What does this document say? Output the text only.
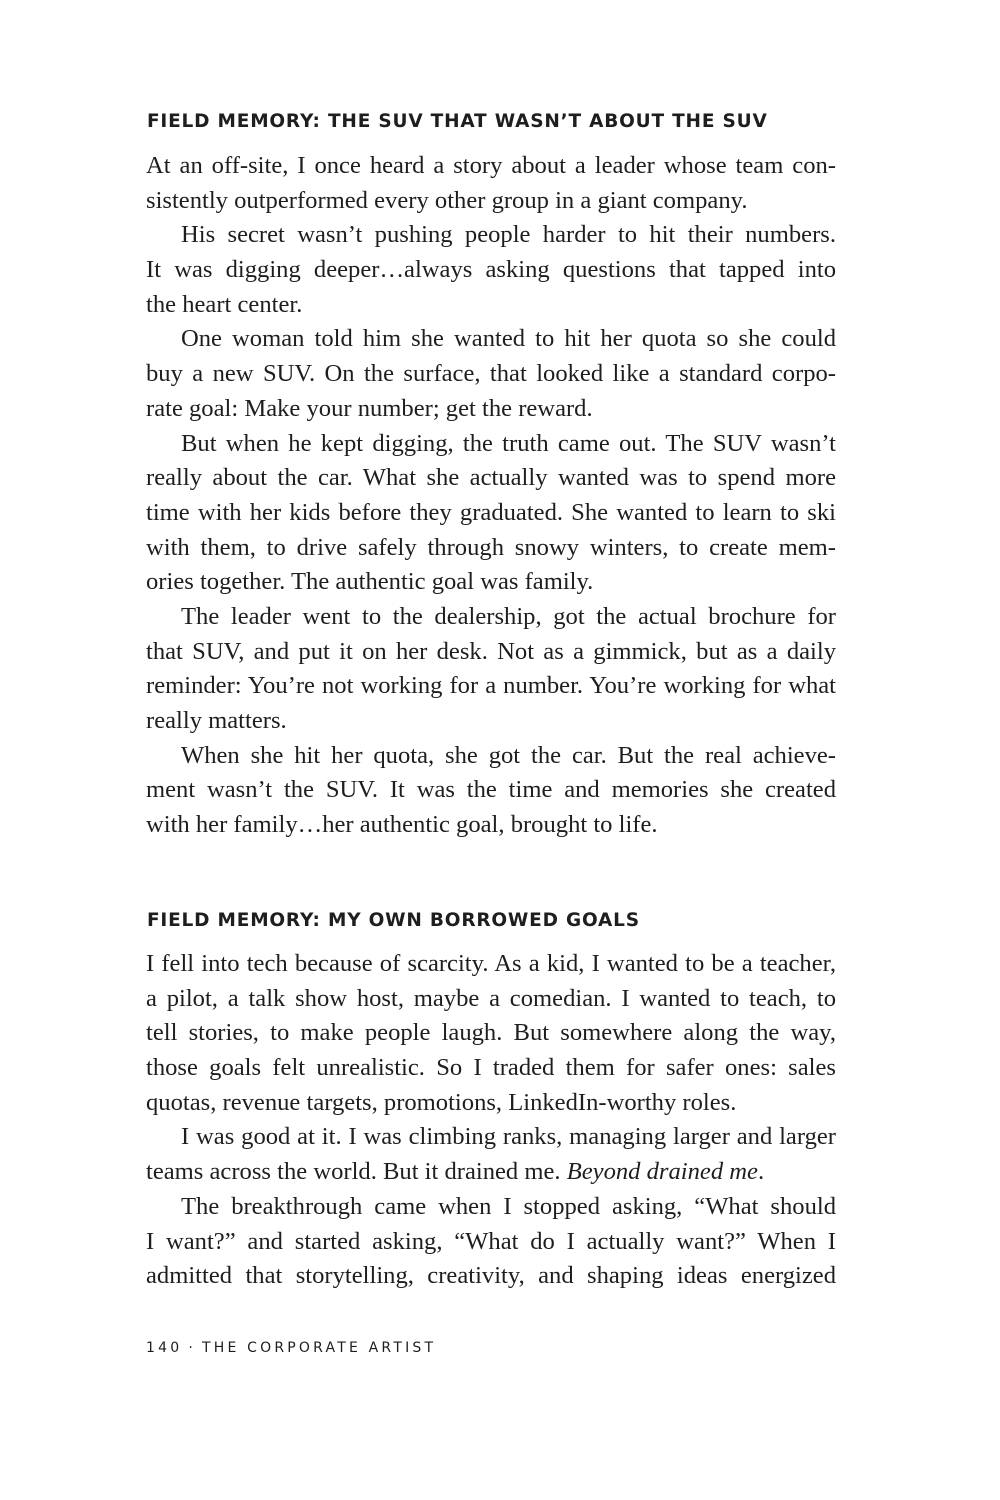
FIELD MEMORY: THE SUV THAT WASN’T ABOUT THE SUV
At an off-site, I once heard a story about a leader whose team con-
sistently outperformed every other group in a giant company.
His secret wasn’t pushing people harder to hit their numbers.
It was digging deeper…always asking questions that tapped into
the heart center.
One woman told him she wanted to hit her quota so she could
buy a new SUV. On the surface, that looked like a standard corpo-
rate goal: Make your number; get the reward.
But when he kept digging, the truth came out. The SUV wasn’t
really about the car. What she actually wanted was to spend more
time with her kids before they graduated. She wanted to learn to ski
with them, to drive safely through snowy winters, to create mem-
ories together. The authentic goal was family.
The leader went to the dealership, got the actual brochure for
that SUV, and put it on her desk. Not as a gimmick, but as a daily
reminder: You’re not working for a number. You’re working for what
really matters.
When she hit her quota, she got the car. But the real achieve-
ment wasn’t the SUV. It was the time and memories she created
with her family…her authentic goal, brought to life.
FIELD MEMORY: MY OWN BORROWED GOALS
I fell into tech because of scarcity. As a kid, I wanted to be a teacher,
a pilot, a talk show host, maybe a comedian. I wanted to teach, to
tell stories, to make people laugh. But somewhere along the way,
those goals felt unrealistic. So I traded them for safer ones: sales
quotas, revenue targets, promotions, LinkedIn-worthy roles.
I was good at it. I was climbing ranks, managing larger and larger
teams across the world. But it drained me. Beyond drained me.
The breakthrough came when I stopped asking, “What should
I want?” and started asking, “What do I actually want?” When I
admitted that storytelling, creativity, and shaping ideas energized
140 · THE CORPORATE ARTIST
